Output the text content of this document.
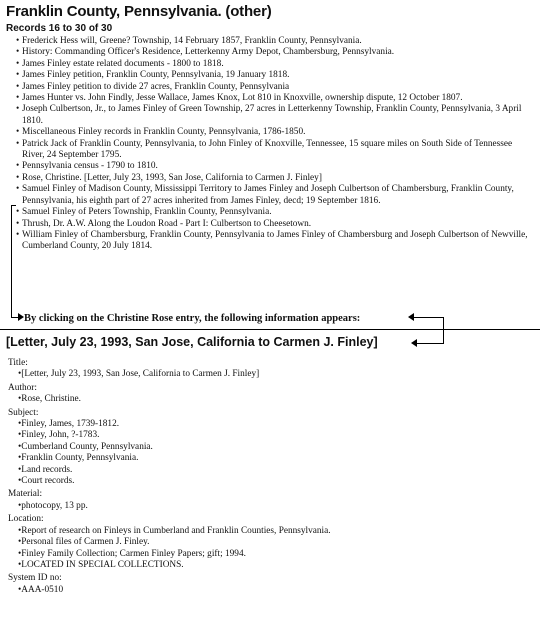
Franklin County, Pennsylvania. (other)
Records 16 to 30 of 30
• Frederick Hess will, Greene? Township, 14 February 1857, Franklin County, Pennsylvania.
• History: Commanding Officer's Residence, Letterkenny Army Depot, Chambersburg, Pennsylvania.
• James Finley estate related documents - 1800 to 1818.
• James Finley petition, Franklin County, Pennsylvania, 19 January 1818.
• James Finley petition to divide 27 acres, Franklin County, Pennsylvania
• James Hunter vs. John Findly, Jesse Wallace, James Knox, Lot 810 in Knoxville, ownership dispute, 12 October 1807.
• Joseph Culbertson, Jr., to James Finley of Green Township, 27 acres in Letterkenny Township, Franklin County, Pennsylvania, 3 April 1810.
• Miscellaneous Finley records in Franklin County, Pennsylvania, 1786-1850.
• Patrick Jack of Franklin County, Pennsylvania, to John Finley of Knoxville, Tennessee, 15 square miles on South Side of Tennessee River, 24 September 1795.
• Pennsylvania census - 1790 to 1810.
• Rose, Christine. [Letter, July 23, 1993, San Jose, California to Carmen J. Finley]
• Samuel Finley of Madison County, Mississippi Territory to James Finley and Joseph Culbertson of Chambersburg, Franklin County, Pennsylvania, his eighth part of 27 acres inherited from James Finley, decd; 19 September 1816.
• Samuel Finley of Peters Township, Franklin County, Pennsylvania.
• Thrush, Dr. A.W. Along the Loudon Road - Part I: Culbertson to Cheesetown.
• William Finley of Chambersburg, Franklin County, Pennsylvania to James Finley of Chambersburg and Joseph Culbertson of Newville, Cumberland County, 20 July 1814.
By clicking on the Christine Rose entry, the following information appears:
[Letter, July 23, 1993, San Jose, California to Carmen J. Finley]
Title:
• [Letter, July 23, 1993, San Jose, California to Carmen J. Finley]
Author:
• Rose, Christine.
Subject:
• Finley, James, 1739-1812.
• Finley, John, ?-1783.
• Cumberland County, Pennsylvania.
• Franklin County, Pennsylvania.
• Land records.
• Court records.
Material:
• photocopy, 13 pp.
Location:
• Report of research on Finleys in Cumberland and Franklin Counties, Pennsylvania.
• Personal files of Carmen J. Finley.
• Finley Family Collection; Carmen Finley Papers; gift; 1994.
• LOCATED IN SPECIAL COLLECTIONS.
System ID no:
• AAA-0510
